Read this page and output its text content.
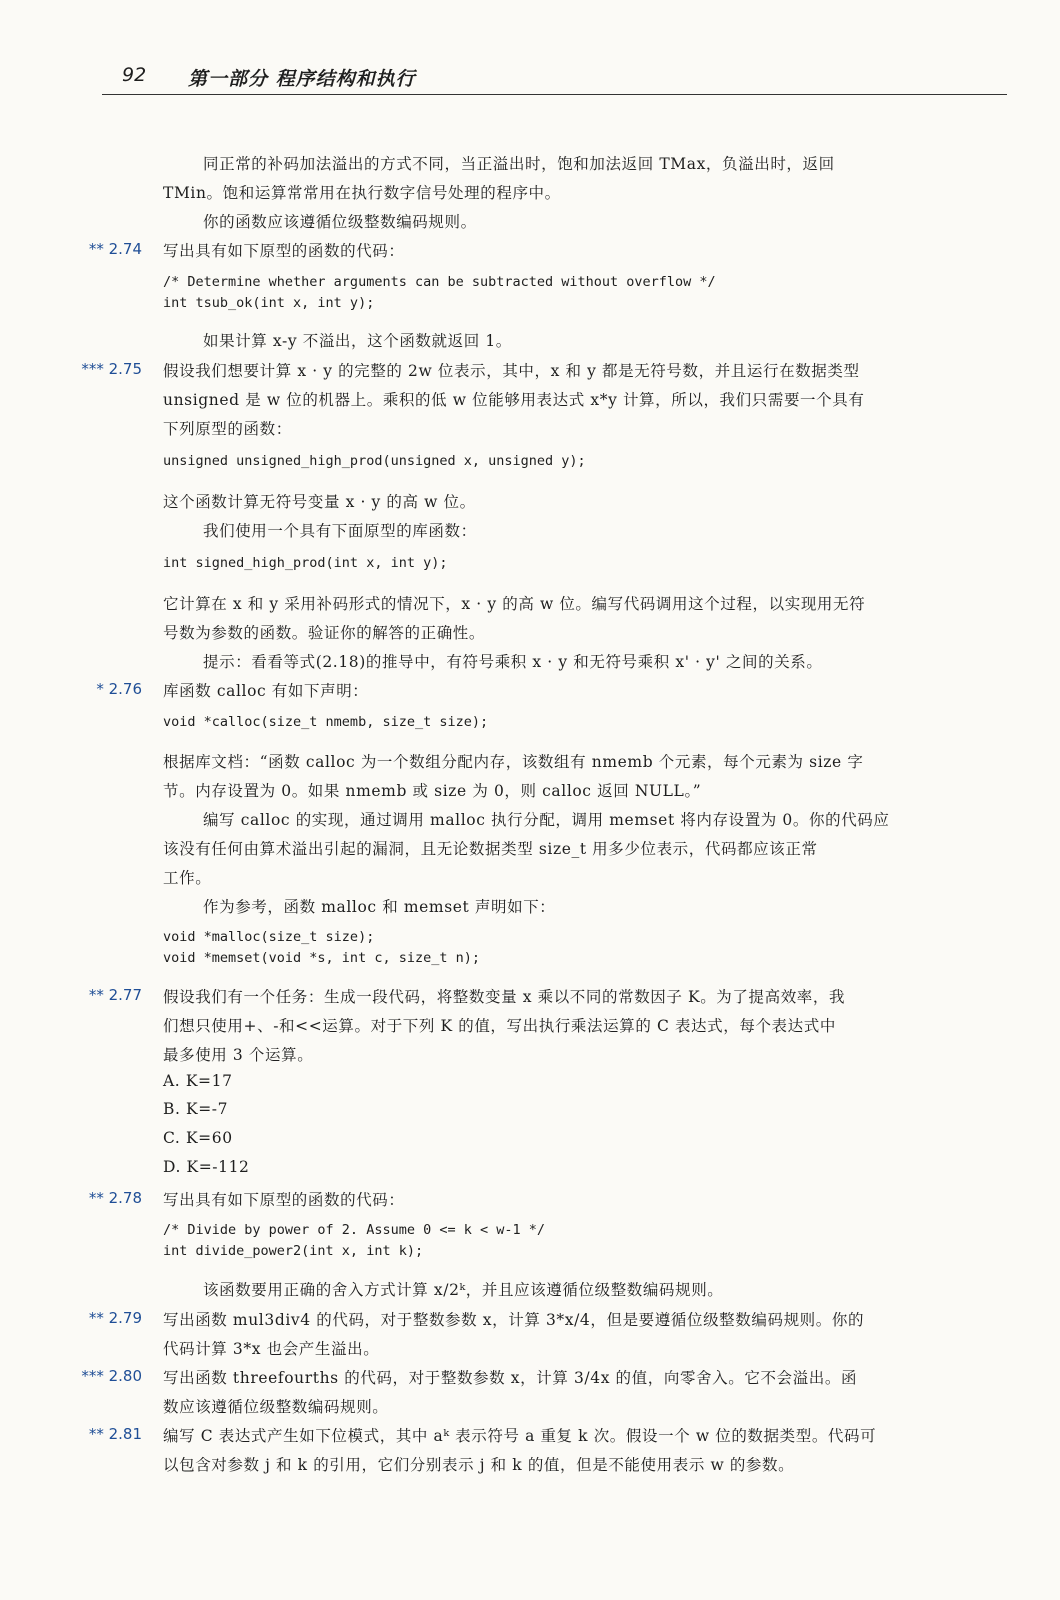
92 第一部分 程序结构和执行
同正常的补码加法溢出的方式不同，当正溢出时，饱和加法返回 TMax，负溢出时，返回
TMin。饱和运算常常用在执行数字信号处理的程序中。
你的函数应该遵循位级整数编码规则。
** 2.74 写出具有如下原型的函数的代码：
/* Determine whether arguments can be subtracted without overflow */
int tsub_ok(int x, int y);
如果计算 x-y 不溢出，这个函数就返回 1。
*** 2.75 假设我们想要计算 x · y 的完整的 2w 位表示，其中，x 和 y 都是无符号数，并且运行在数据类型
unsigned 是 w 位的机器上。乘积的低 w 位能够用表达式 x*y 计算，所以，我们只需要一个具有
下列原型的函数：
unsigned unsigned_high_prod(unsigned x, unsigned y);
这个函数计算无符号变量 x · y 的高 w 位。
我们使用一个具有下面原型的库函数：
int signed_high_prod(int x, int y);
它计算在 x 和 y 采用补码形式的情况下，x · y 的高 w 位。编写代码调用这个过程，以实现用无符
号数为参数的函数。验证你的解答的正确性。
提示：看看等式(2.18)的推导中，有符号乘积 x · y 和无符号乘积 x' · y' 之间的关系。
* 2.76 库函数 calloc 有如下声明：
void *calloc(size_t nmemb, size_t size);
根据库文档：“函数 calloc 为一个数组分配内存，该数组有 nmemb 个元素，每个元素为 size 字
节。内存设置为 0。如果 nmemb 或 size 为 0，则 calloc 返回 NULL。”
编写 calloc 的实现，通过调用 malloc 执行分配，调用 memset 将内存设置为 0。你的代码应
该没有任何由算术溢出引起的漏洞，且无论数据类型 size_t 用多少位表示，代码都应该正常
工作。
作为参考，函数 malloc 和 memset 声明如下：
void *malloc(size_t size);
void *memset(void *s, int c, size_t n);
** 2.77 假设我们有一个任务：生成一段代码，将整数变量 x 乘以不同的常数因子 K。为了提高效率，我
们想只使用+、-和<<运算。对于下列 K 的值，写出执行乘法运算的 C 表达式，每个表达式中
最多使用 3 个运算。
A. K=17
B. K=-7
C. K=60
D. K=-112
** 2.78 写出具有如下原型的函数的代码：
/* Divide by power of 2. Assume 0 <= k < w-1 */
int divide_power2(int x, int k);
该函数要用正确的舍入方式计算 x/2ᵏ，并且应该遵循位级整数编码规则。
** 2.79 写出函数 mul3div4 的代码，对于整数参数 x，计算 3*x/4，但是要遵循位级整数编码规则。你的
代码计算 3*x 也会产生溢出。
*** 2.80 写出函数 threefourths 的代码，对于整数参数 x，计算 3/4x 的值，向零舍入。它不会溢出。函
数应该遵循位级整数编码规则。
** 2.81 编写 C 表达式产生如下位模式，其中 aᵏ 表示符号 a 重复 k 次。假设一个 w 位的数据类型。代码可
以包含对参数 j 和 k 的引用，它们分别表示 j 和 k 的值，但是不能使用表示 w 的参数。
